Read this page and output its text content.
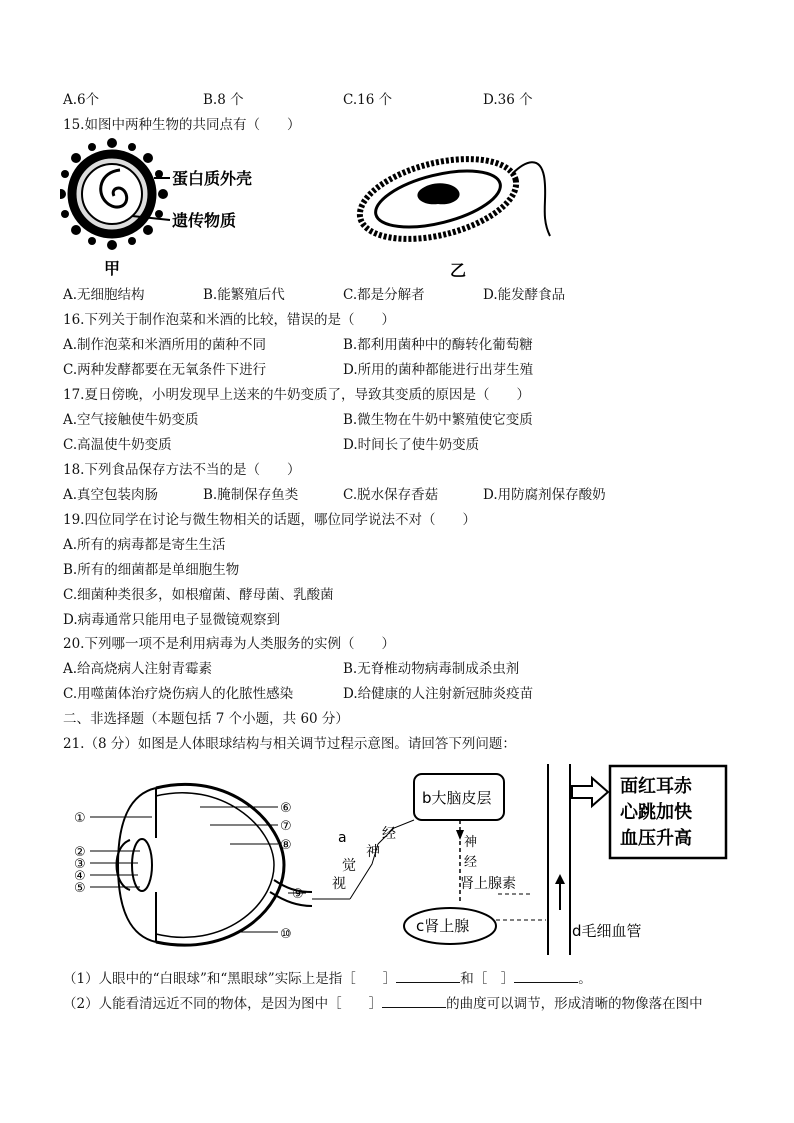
A.6个	B.8 个	C.16 个	D.36 个
15.如图中两种生物的共同点有（　　）
蛋白质外壳
遗传物质
甲	乙
A.无细胞结构	B.能繁殖后代	C.都是分解者	D.能发酵食品
16.下列关于制作泡菜和米酒的比较，错误的是（　　）
A.制作泡菜和米酒所用的菌种不同	B.都利用菌种中的酶转化葡萄糖
C.两种发酵都要在无氧条件下进行	D.所用的菌种都能进行出芽生殖
17.夏日傍晚，小明发现早上送来的牛奶变质了，导致其变质的原因是（　　）
A.空气接触使牛奶变质	B.微生物在牛奶中繁殖使它变质
C.高温使牛奶变质	D.时间长了使牛奶变质
18.下列食品保存方法不当的是（　　）
A.真空包装肉肠	B.腌制保存鱼类	C.脱水保存香菇	D.用防腐剂保存酸奶
19.四位同学在讨论与微生物相关的话题，哪位同学说法不对（　　）
A.所有的病毒都是寄生生活
B.所有的细菌都是单细胞生物
C.细菌种类很多，如根瘤菌、酵母菌、乳酸菌
D.病毒通常只能用电子显微镜观察到
20.下列哪一项不是利用病毒为人类服务的实例（　　）
A.给高烧病人注射青霉素	B.无脊椎动物病毒制成杀虫剂
C.用噬菌体治疗烧伤病人的化脓性感染	D.给健康的人注射新冠肺炎疫苗
二、非选择题（本题包括 7 个小题，共 60 分）
21.（8 分）如图是人体眼球结构与相关调节过程示意图。请回答下列问题：
①
②
③
④
⑤
⑥
⑦
⑧
⑨
⑩
a
视
觉
神
经
b大脑皮层
神
经
肾上腺素
c肾上腺	d毛细血管
面红耳赤
心跳加快
血压升高
（1）人眼中的“白眼球”和“黑眼球”实际上是指［　　］	和［　］	。
（2）人能看清远近不同的物体，是因为图中［　　］	的曲度可以调节，形成清晰的物像落在图中
